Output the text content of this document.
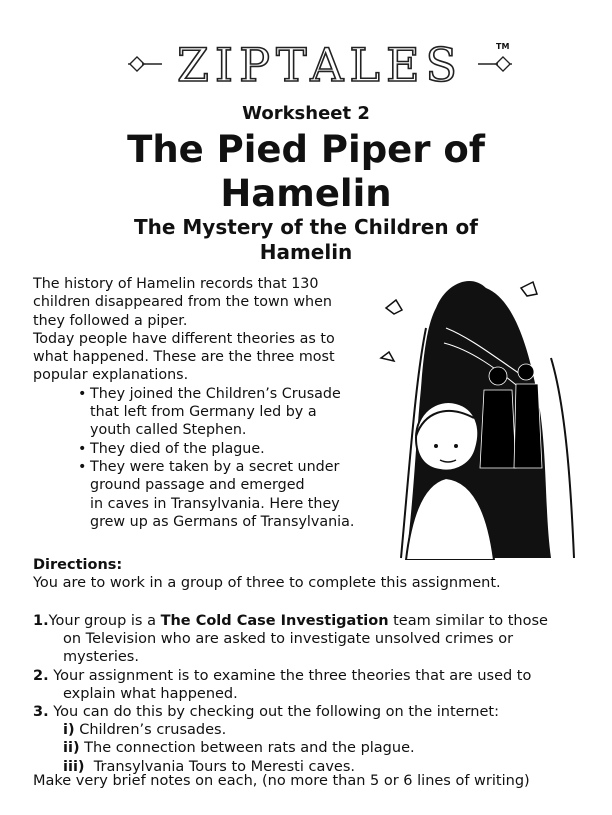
ZIPTALES	TM
Worksheet 2
The Pied Piper of
Hamelin
The Mystery of the Children of
Hamelin

The history of Hamelin records that 130
children disappeared from the town when
they followed a piper.

Today people have different theories as to
what happened. These are the three most
popular explanations.

• They joined the Children’s Crusade
that left from Germany led by a
youth called Stephen.
• They died of the plague.
• They were taken by a secret under
ground passage and emerged
in caves in Transylvania. Here they
grew up as Germans of Transylvania.
Directions:
You are to work in a group of three to complete this assignment.
1.Your group is a The Cold Case Investigation team similar to those
on Television who are asked to investigate unsolved crimes or mysteries.
2. Your assignment is to examine the three theories that are used to
explain what happened.
3. You can do this by checking out the following on the internet:
i) Children’s crusades.
ii) The connection between rats and the plague.
iii)  Transylvania Tours to Meresti caves.
Make very brief notes on each, (no more than 5 or 6 lines of writing)
